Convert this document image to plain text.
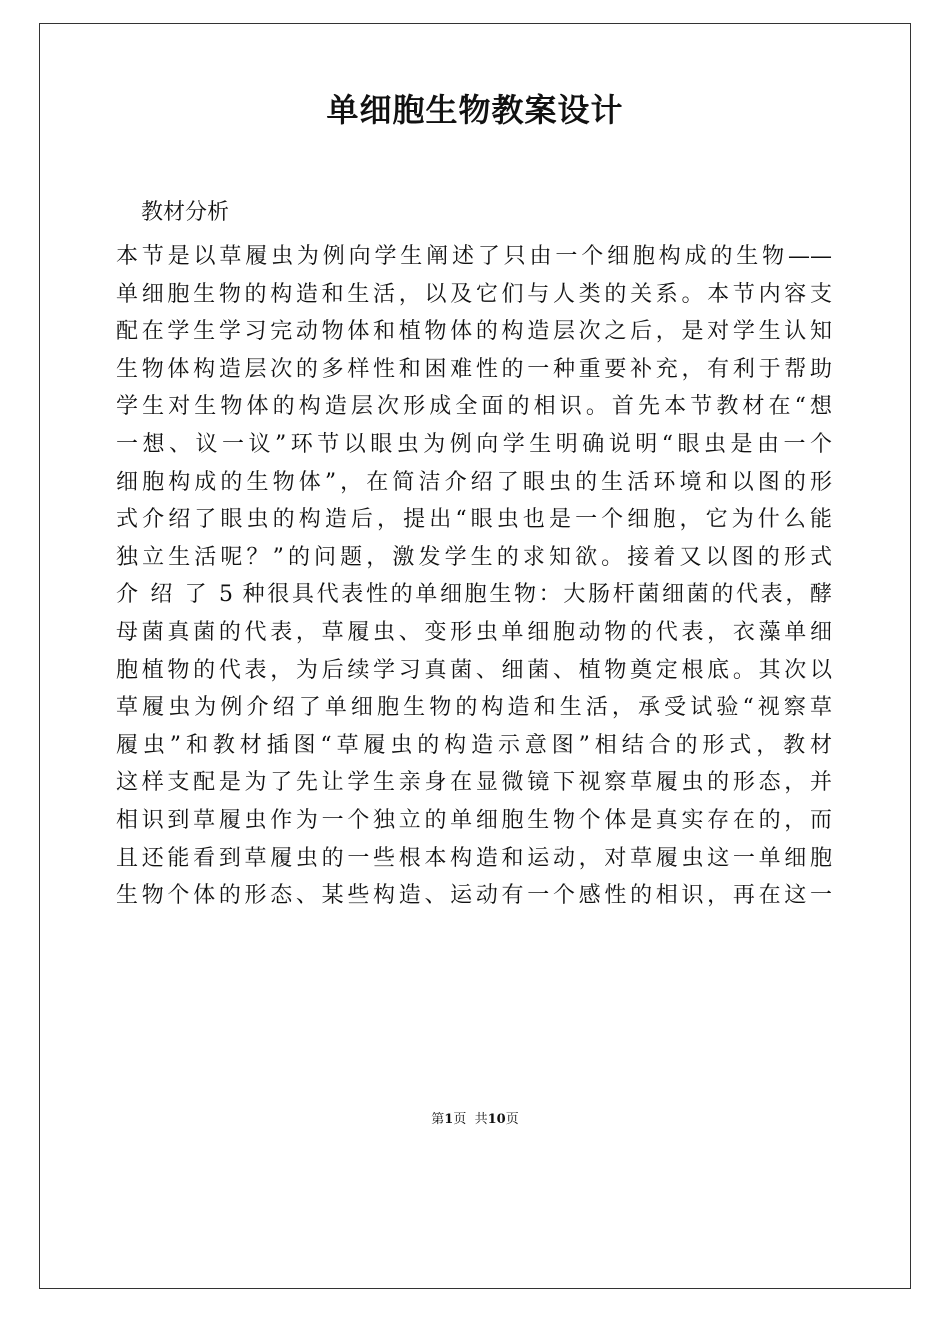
单细胞生物教案设计

教材分析

本节是以草履虫为例向学生阐述了只由一个细胞构成的生物——
单细胞生物的构造和生活，以及它们与人类的关系。本节内容支
配在学生学习完动物体和植物体的构造层次之后，是对学生认知
生物体构造层次的多样性和困难性的一种重要补充，有利于帮助
学生对生物体的构造层次形成全面的相识。首先本节教材在“想
一想、议一议”环节以眼虫为例向学生明确说明“眼虫是由一个
细胞构成的生物体”，在简洁介绍了眼虫的生活环境和以图的形
式介绍了眼虫的构造后，提出“眼虫也是一个细胞，它为什么能
独立生活呢？”的问题，激发学生的求知欲。接着又以图的形式
介 绍 了 5 种很具代表性的单细胞生物：大肠杆菌细菌的代表，酵
母菌真菌的代表，草履虫、变形虫单细胞动物的代表，衣藻单细
胞植物的代表，为后续学习真菌、细菌、植物奠定根底。其次以
草履虫为例介绍了单细胞生物的构造和生活，承受试验“视察草
履虫”和教材插图“草履虫的构造示意图”相结合的形式，教材
这样支配是为了先让学生亲身在显微镜下视察草履虫的形态，并
相识到草履虫作为一个独立的单细胞生物个体是真实存在的，而
且还能看到草履虫的一些根本构造和运动，对草履虫这一单细胞
生物个体的形态、某些构造、运动有一个感性的相识，再在这一
第1页  共10页
